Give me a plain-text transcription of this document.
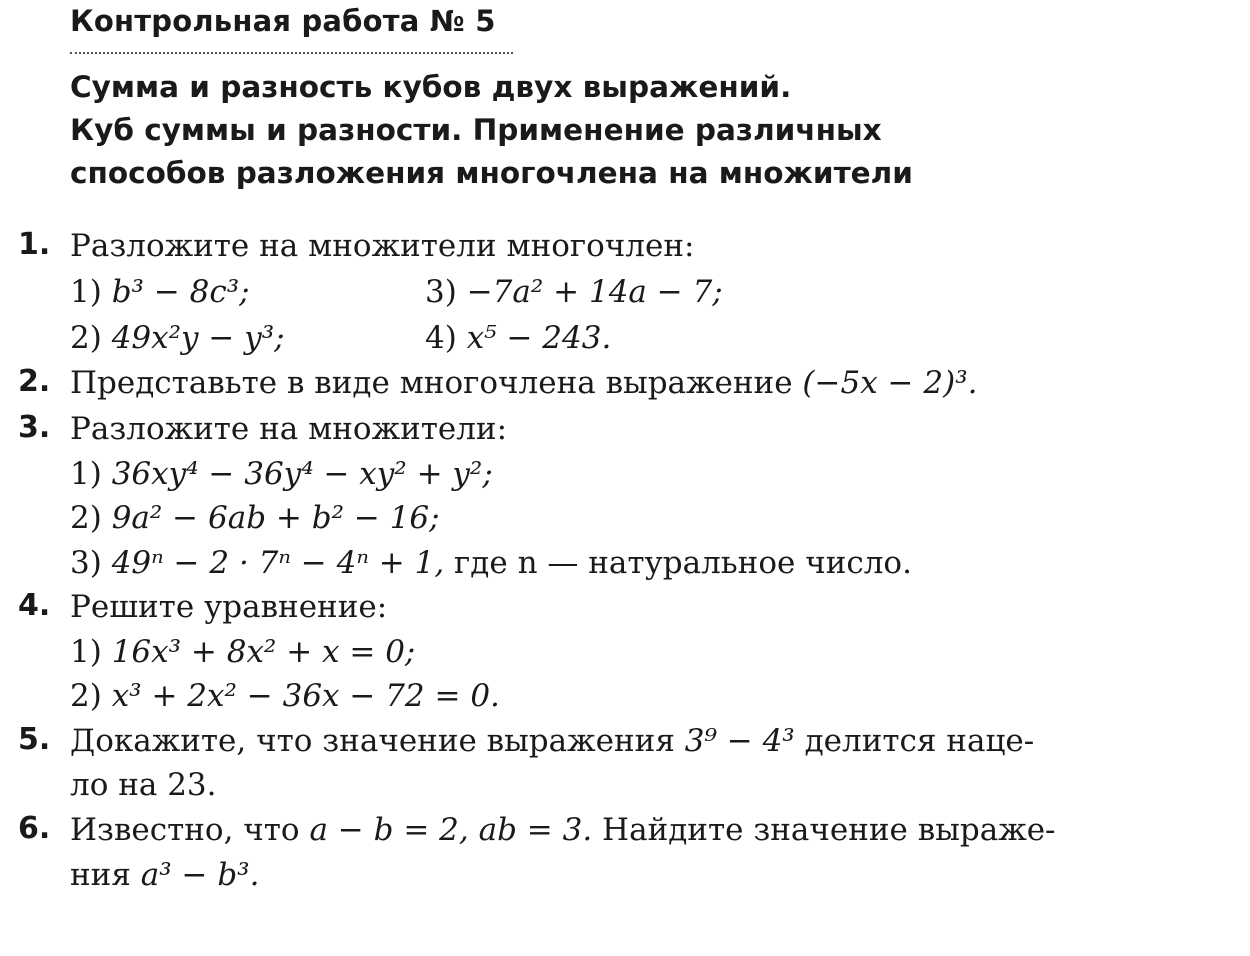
Контрольная работа № 5
Сумма и разность кубов двух выражений.
Куб суммы и разности. Применение различных
способов разложения многочлена на множители
1. Разложите на множители многочлен:
1) b³ − 8c³;	3) −7a² + 14a − 7;
2) 49x²y − y³;	4) x⁵ − 243.
2. Представьте в виде многочлена выражение (−5x − 2)³.
3. Разложите на множители:
1) 36xy⁴ − 36y⁴ − xy² + y²;
2) 9a² − 6ab + b² − 16;
3) 49ⁿ − 2 · 7ⁿ − 4ⁿ + 1, где n — натуральное число.
4. Решите уравнение:
1) 16x³ + 8x² + x = 0;
2) x³ + 2x² − 36x − 72 = 0.
5. Докажите, что значение выражения 3⁹ − 4³ делится наце-
ло на 23.
6. Известно, что a − b = 2, ab = 3. Найдите значение выраже-
ния a³ − b³.
